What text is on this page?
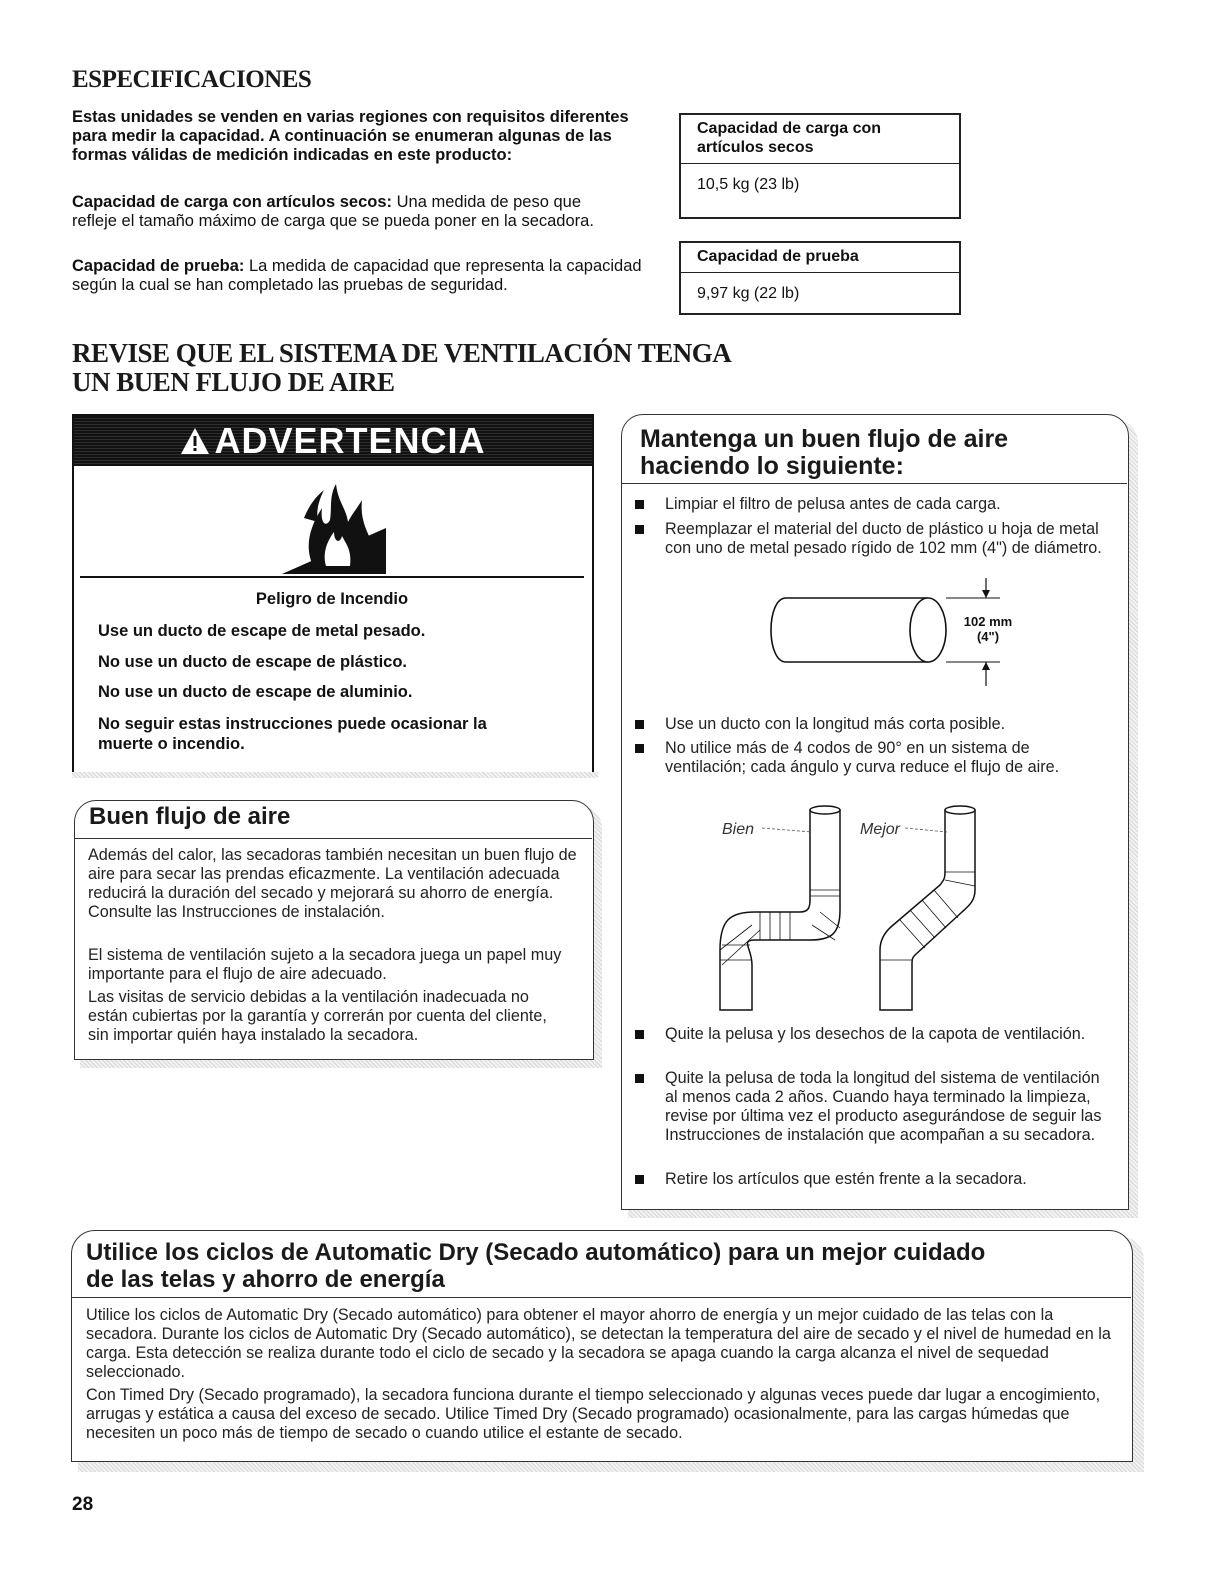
ESPECIFICACIONES
Estas unidades se venden en varias regiones con requisitos diferentes para medir la capacidad. A continuación se enumeran algunas de las formas válidas de medición indicadas en este producto:
Capacidad de carga con artículos secos: Una medida de peso que refleje el tamaño máximo de carga que se pueda poner en la secadora.
Capacidad de prueba: La medida de capacidad que representa la capacidad según la cual se han completado las pruebas de seguridad.
Capacidad de carga con artículos secos
10,5 kg (23 lb)
Capacidad de prueba
9,97 kg (22 lb)
REVISE QUE EL SISTEMA DE VENTILACIÓN TENGA
UN BUEN FLUJO DE AIRE
ADVERTENCIA
Peligro de Incendio
Use un ducto de escape de metal pesado.
No use un ducto de escape de plástico.
No use un ducto de escape de aluminio.
No seguir estas instrucciones puede ocasionar la muerte o incendio.
Buen flujo de aire
Además del calor, las secadoras también necesitan un buen flujo de aire para secar las prendas eficazmente. La ventilación adecuada reducirá la duración del secado y mejorará su ahorro de energía. Consulte las Instrucciones de instalación.
El sistema de ventilación sujeto a la secadora juega un papel muy importante para el flujo de aire adecuado.
Las visitas de servicio debidas a la ventilación inadecuada no están cubiertas por la garantía y correrán por cuenta del cliente, sin importar quién haya instalado la secadora.
Mantenga un buen flujo de aire
haciendo lo siguiente:
Limpiar el filtro de pelusa antes de cada carga.
Reemplazar el material del ducto de plástico u hoja de metal con uno de metal pesado rígido de 102 mm (4") de diámetro.
102 mm
(4")
Use un ducto con la longitud más corta posible.
No utilice más de 4 codos de 90° en un sistema de ventilación; cada ángulo y curva reduce el flujo de aire.
Bien	Mejor
Quite la pelusa y los desechos de la capota de ventilación.
Quite la pelusa de toda la longitud del sistema de ventilación al menos cada 2 años. Cuando haya terminado la limpieza, revise por última vez el producto asegurándose de seguir las Instrucciones de instalación que acompañan a su secadora.
Retire los artículos que estén frente a la secadora.
Utilice los ciclos de Automatic Dry (Secado automático) para un mejor cuidado
de las telas y ahorro de energía
Utilice los ciclos de Automatic Dry (Secado automático) para obtener el mayor ahorro de energía y un mejor cuidado de las telas con la secadora. Durante los ciclos de Automatic Dry (Secado automático), se detectan la temperatura del aire de secado y el nivel de humedad en la carga. Esta detección se realiza durante todo el ciclo de secado y la secadora se apaga cuando la carga alcanza el nivel de sequedad seleccionado.
Con Timed Dry (Secado programado), la secadora funciona durante el tiempo seleccionado y algunas veces puede dar lugar a encogimiento, arrugas y estática a causa del exceso de secado. Utilice Timed Dry (Secado programado) ocasionalmente, para las cargas húmedas que necesiten un poco más de tiempo de secado o cuando utilice el estante de secado.
28
